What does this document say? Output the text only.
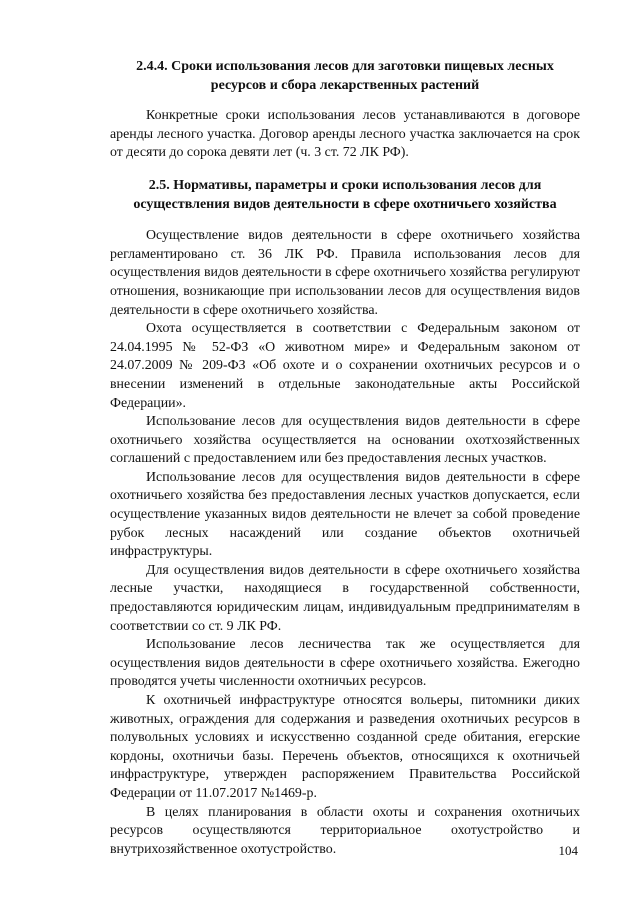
2.4.4. Сроки использования лесов для заготовки пищевых лесных ресурсов и сбора лекарственных растений

Конкретные сроки использования лесов устанавливаются в договоре аренды лесного участка. Договор аренды лесного участка заключается на срок от десяти до сорока девяти лет (ч. 3 ст. 72 ЛК РФ).

2.5. Нормативы, параметры и сроки использования лесов для осуществления видов деятельности в сфере охотничьего хозяйства

Осуществление видов деятельности в сфере охотничьего хозяйства регламентировано ст. 36 ЛК РФ. Правила использования лесов для осуществления видов деятельности в сфере охотничьего хозяйства регулируют отношения, возникающие при использовании лесов для осуществления видов деятельности в сфере охотничьего хозяйства.

Охота осуществляется в соответствии с Федеральным законом от 24.04.1995 № 52-ФЗ «О животном мире» и Федеральным законом от 24.07.2009 № 209-ФЗ «Об охоте и о сохранении охотничьих ресурсов и о внесении изменений в отдельные законодательные акты Российской Федерации».

Использование лесов для осуществления видов деятельности в сфере охотничьего хозяйства осуществляется на основании охотхозяйственных соглашений с предоставлением или без предоставления лесных участков.

Использование лесов для осуществления видов деятельности в сфере охотничьего хозяйства без предоставления лесных участков допускается, если осуществление указанных видов деятельности не влечет за собой проведение рубок лесных насаждений или создание объектов охотничьей инфраструктуры.

Для осуществления видов деятельности в сфере охотничьего хозяйства лесные участки, находящиеся в государственной собственности, предоставляются юридическим лицам, индивидуальным предпринимателям в соответствии со ст. 9 ЛК РФ.

Использование лесов лесничества так же осуществляется для осуществления видов деятельности в сфере охотничьего хозяйства. Ежегодно проводятся учеты численности охотничьих ресурсов.

К охотничьей инфраструктуре относятся вольеры, питомники диких животных, ограждения для содержания и разведения охотничьих ресурсов в полувольных условиях и искусственно созданной среде обитания, егерские кордоны, охотничьи базы. Перечень объектов, относящихся к охотничьей инфраструктуре, утвержден распоряжением Правительства Российской Федерации от 11.07.2017 №1469-р.

В целях планирования в области охоты и сохранения охотничьих ресурсов осуществляются территориальное охотустройство и внутрихозяйственное охотустройство.	104
